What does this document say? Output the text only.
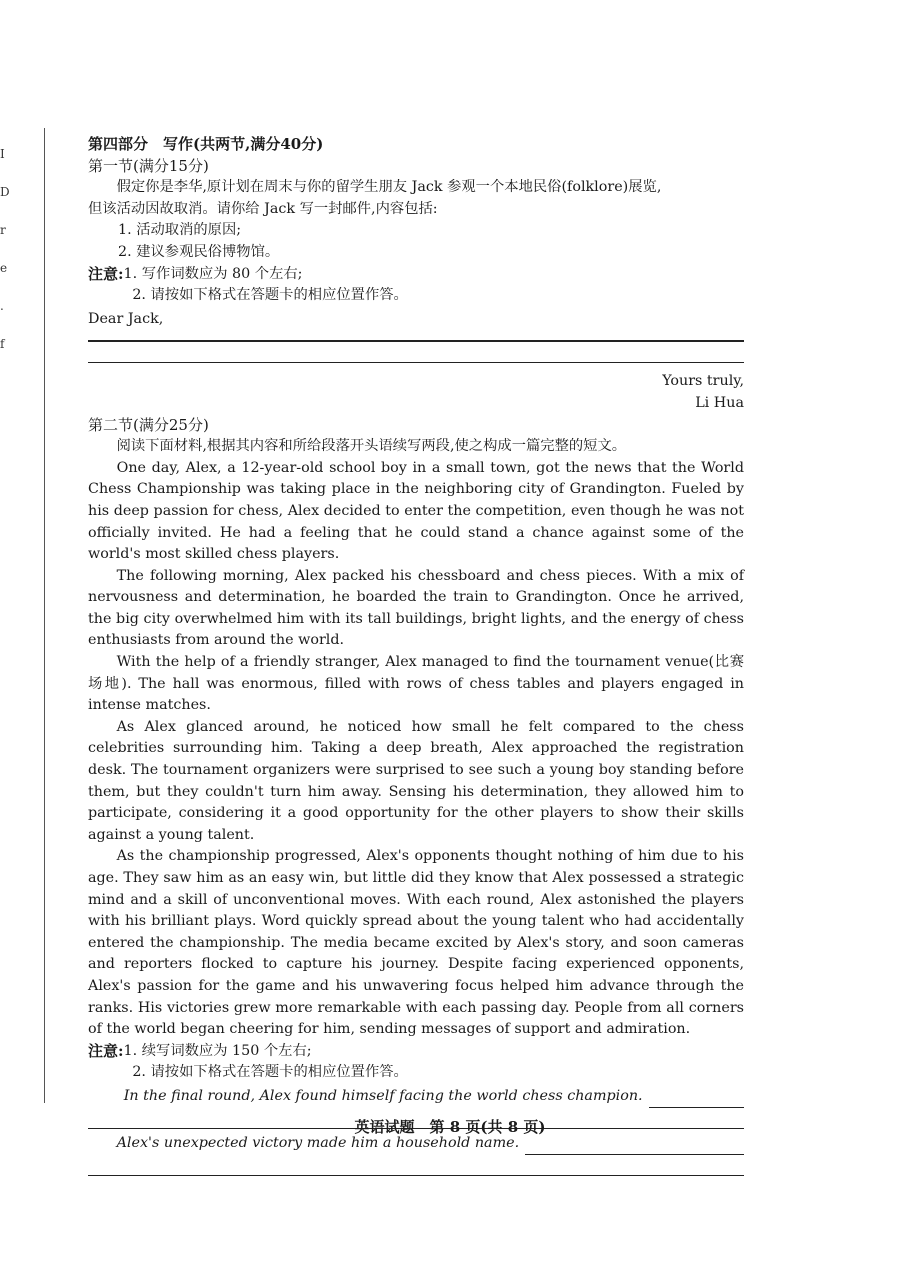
I
D
r
e
.
f
第四部分　写作(共两节,满分40分)
第一节(满分15分)
假定你是李华,原计划在周末与你的留学生朋友 Jack 参观一个本地民俗(folklore)展览,
但该活动因故取消。请你给 Jack 写一封邮件,内容包括:
1. 活动取消的原因;
2. 建议参观民俗博物馆。
注意: 1. 写作词数应为 80 个左右;
2. 请按如下格式在答题卡的相应位置作答。
Dear Jack,
Yours truly,
Li Hua
第二节(满分25分)
阅读下面材料,根据其内容和所给段落开头语续写两段,使之构成一篇完整的短文。
One day, Alex, a 12-year-old school boy in a small town, got the news that the World Chess Championship was taking place in the neighboring city of Grandington. Fueled by his deep passion for chess, Alex decided to enter the competition, even though he was not officially invited. He had a feeling that he could stand a chance against some of the world's most skilled chess players.
The following morning, Alex packed his chessboard and chess pieces. With a mix of nervousness and determination, he boarded the train to Grandington. Once he arrived, the big city overwhelmed him with its tall buildings, bright lights, and the energy of chess enthusiasts from around the world.
With the help of a friendly stranger, Alex managed to find the tournament venue(比赛场地). The hall was enormous, filled with rows of chess tables and players engaged in intense matches.
As Alex glanced around, he noticed how small he felt compared to the chess celebrities surrounding him. Taking a deep breath, Alex approached the registration desk. The tournament organizers were surprised to see such a young boy standing before them, but they couldn't turn him away. Sensing his determination, they allowed him to participate, considering it a good opportunity for the other players to show their skills against a young talent.
As the championship progressed, Alex's opponents thought nothing of him due to his age. They saw him as an easy win, but little did they know that Alex possessed a strategic mind and a skill of unconventional moves. With each round, Alex astonished the players with his brilliant plays. Word quickly spread about the young talent who had accidentally entered the championship. The media became excited by Alex's story, and soon cameras and reporters flocked to capture his journey. Despite facing experienced opponents, Alex's passion for the game and his unwavering focus helped him advance through the ranks. His victories grew more remarkable with each passing day. People from all corners of the world began cheering for him, sending messages of support and admiration.
注意: 1. 续写词数应为 150 个左右;
2. 请按如下格式在答题卡的相应位置作答。
In the final round, Alex found himself facing the world chess champion.
Alex's unexpected victory made him a household name.
英语试题　第 8 页(共 8 页)
